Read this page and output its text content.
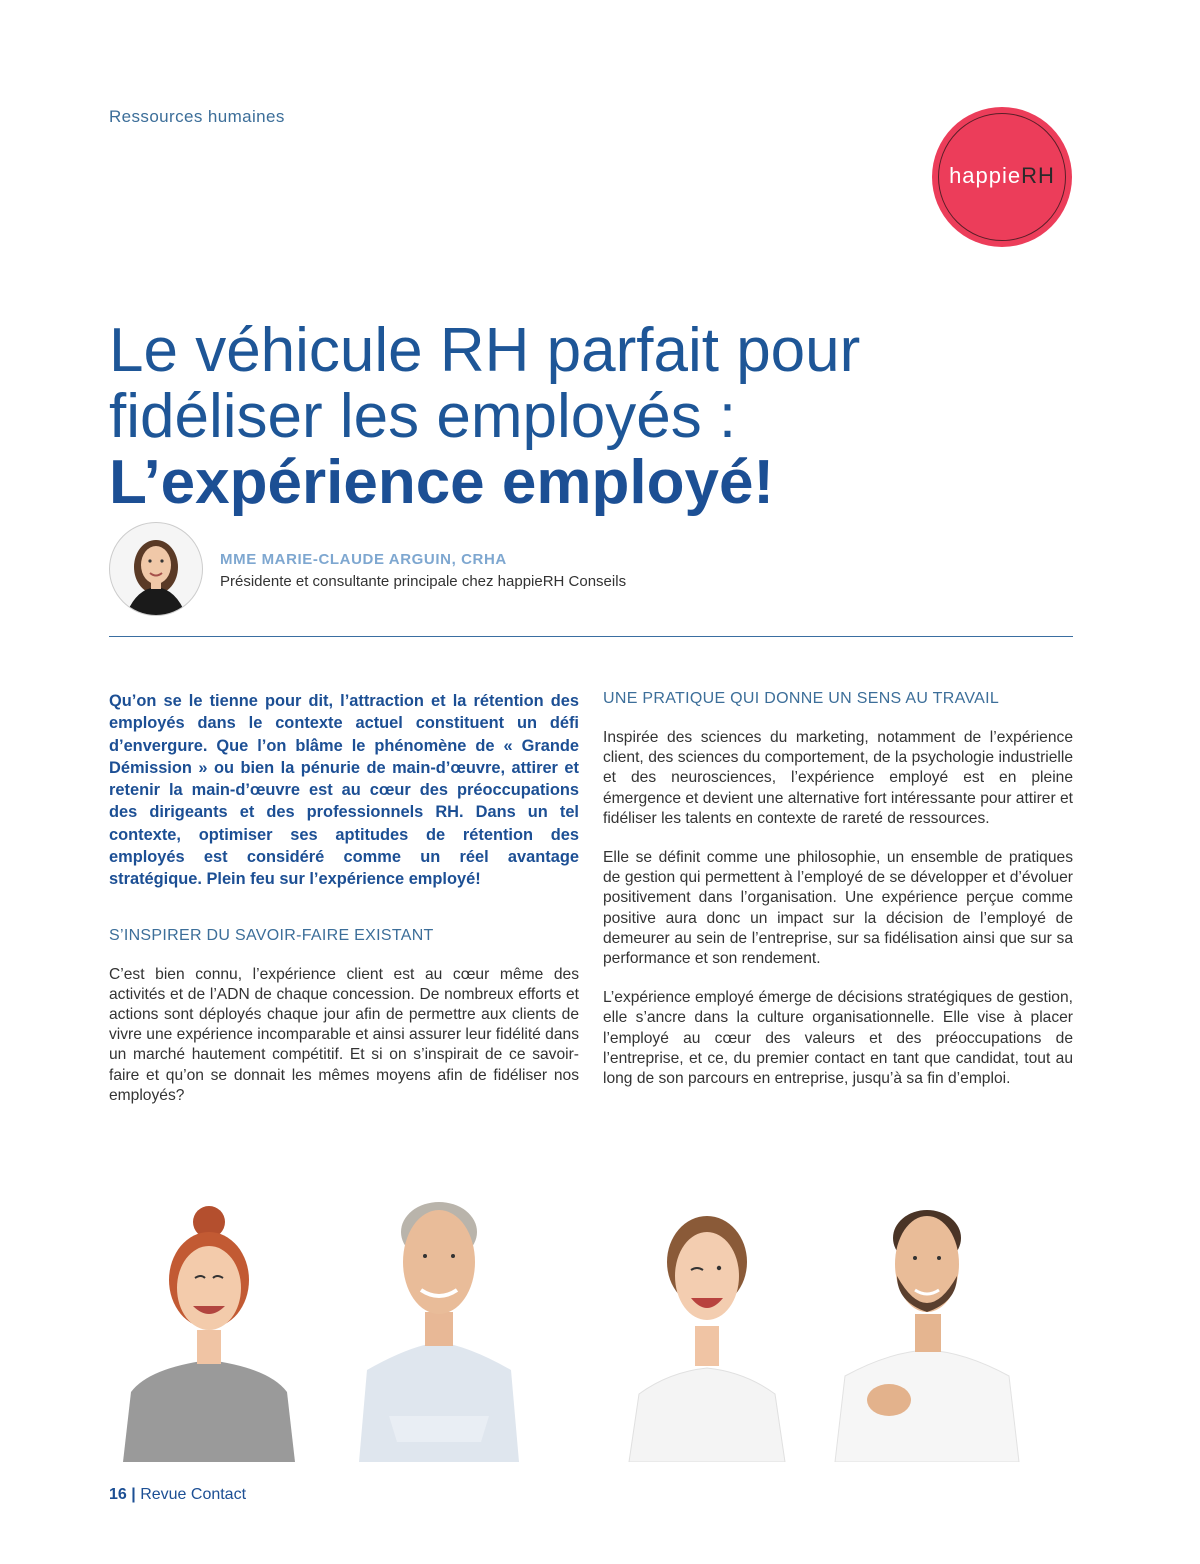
Ressources humaines

happieRH
Le véhicule RH parfait pour
fidéliser les employés :
L’expérience employé!

MME MARIE-CLAUDE ARGUIN, CRHA

Présidente et consultante principale chez happieRH Conseils

Qu’on se le tienne pour dit, l’attraction et la rétention des employés dans le contexte actuel constituent un défi d’envergure. Que l’on blâme le phénomène de « Grande Démission » ou bien la pénurie de main-d’œuvre, attirer et retenir la main-d’œuvre est au cœur des préoccupations des dirigeants et des professionnels RH. Dans un tel contexte, optimiser ses aptitudes de rétention des employés est considéré comme un réel avantage stratégique. Plein feu sur l’expérience employé!

S’INSPIRER DU SAVOIR-FAIRE EXISTANT

C’est bien connu, l’expérience client est au cœur même des activités et de l’ADN de chaque concession. De nombreux efforts et actions sont déployés chaque jour afin de permettre aux clients de vivre une expérience incomparable et ainsi assurer leur fidélité dans un marché hautement compétitif. Et si on s’inspirait de ce savoir-faire et qu’on se donnait les mêmes moyens afin de fidéliser nos employés?

UNE PRATIQUE QUI DONNE UN SENS AU TRAVAIL

Inspirée des sciences du marketing, notamment de l’expérience client, des sciences du comportement, de la psychologie industrielle et des neurosciences, l’expérience employé est en pleine émergence et devient une alternative fort intéressante pour attirer et fidéliser les talents en contexte de rareté de ressources.

Elle se définit comme une philosophie, un ensemble de pratiques de gestion qui permettent à l’employé de se développer et d’évoluer positivement dans l’organisation. Une expérience perçue comme positive aura donc un impact sur la décision de l’employé de demeurer au sein de l’entreprise, sur sa fidélisation ainsi que sur sa performance et son rendement.

L’expérience employé émerge de décisions stratégiques de gestion, elle s’ancre dans la culture organisationnelle. Elle vise à placer l’employé au cœur des valeurs et des préoccupations de l’entreprise, et ce, du premier contact en tant que candidat, tout au long de son parcours en entreprise, jusqu’à sa fin d’emploi.

16 | Revue Contact
